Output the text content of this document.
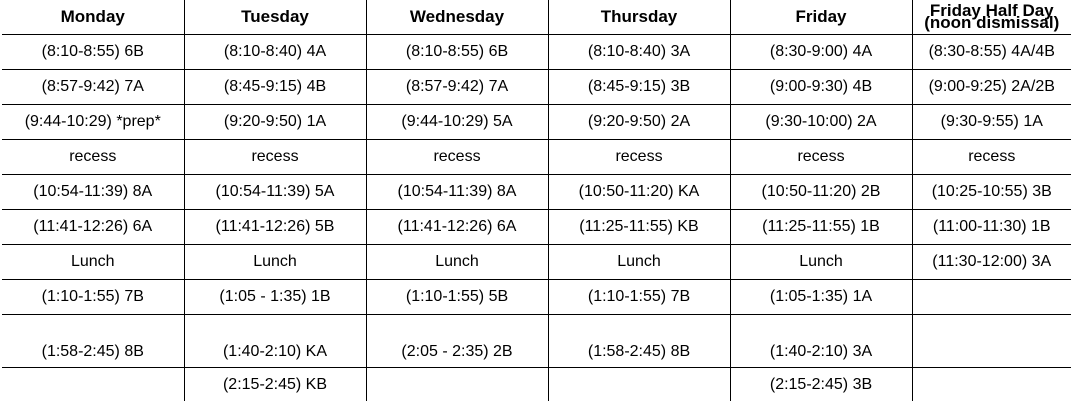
Monday	Tuesday	Wednesday	Thursday	Friday	Friday Half Day (noon dismissal)
(8:10-8:55) 6B	(8:10-8:40) 4A	(8:10-8:55) 6B	(8:10-8:40) 3A	(8:30-9:00) 4A	(8:30-8:55) 4A/4B
(8:57-9:42) 7A	(8:45-9:15) 4B	(8:57-9:42) 7A	(8:45-9:15) 3B	(9:00-9:30) 4B	(9:00-9:25) 2A/2B
(9:44-10:29) *prep*	(9:20-9:50) 1A	(9:44-10:29) 5A	(9:20-9:50) 2A	(9:30-10:00) 2A	(9:30-9:55) 1A
recess	recess	recess	recess	recess	recess
(10:54-11:39) 8A	(10:54-11:39) 5A	(10:54-11:39) 8A	(10:50-11:20) KA	(10:50-11:20) 2B	(10:25-10:55) 3B
(11:41-12:26) 6A	(11:41-12:26) 5B	(11:41-12:26) 6A	(11:25-11:55) KB	(11:25-11:55) 1B	(11:00-11:30) 1B
Lunch	Lunch	Lunch	Lunch	Lunch	(11:30-12:00) 3A
(1:10-1:55) 7B	(1:05 - 1:35) 1B	(1:10-1:55) 5B	(1:10-1:55) 7B	(1:05-1:35) 1A	
(1:58-2:45) 8B	(1:40-2:10) KA	(2:05 - 2:35) 2B	(1:58-2:45) 8B	(1:40-2:10) 3A	
	(2:15-2:45) KB			(2:15-2:45) 3B	
